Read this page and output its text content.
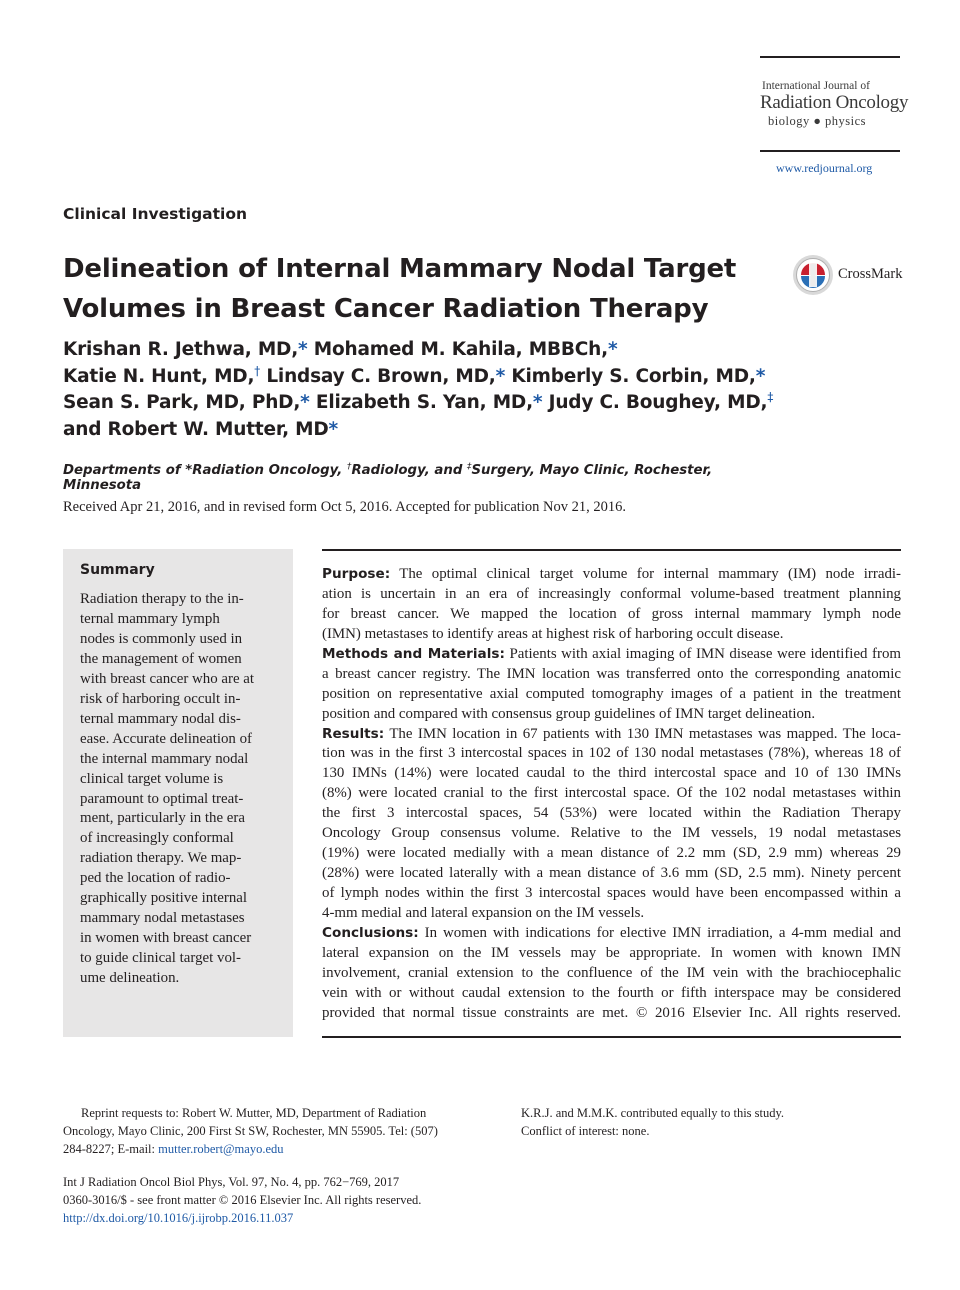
International Journal of
Radiation Oncology
biology ● physics
www.redjournal.org
Clinical Investigation
Delineation of Internal Mammary Nodal Target
Volumes in Breast Cancer Radiation Therapy
CrossMark
Krishan R. Jethwa, MD,* Mohamed M. Kahila, MBBCh,*
Katie N. Hunt, MD,† Lindsay C. Brown, MD,* Kimberly S. Corbin, MD,*
Sean S. Park, MD, PhD,* Elizabeth S. Yan, MD,* Judy C. Boughey, MD,‡
and Robert W. Mutter, MD*
Departments of *Radiation Oncology, †Radiology, and ‡Surgery, Mayo Clinic, Rochester, Minnesota
Received Apr 21, 2016, and in revised form Oct 5, 2016. Accepted for publication Nov 21, 2016.
Summary
Radiation therapy to the in-
ternal mammary lymph
nodes is commonly used in
the management of women
with breast cancer who are at
risk of harboring occult in-
ternal mammary nodal dis-
ease. Accurate delineation of
the internal mammary nodal
clinical target volume is
paramount to optimal treat-
ment, particularly in the era
of increasingly conformal
radiation therapy. We map-
ped the location of radio-
graphically positive internal
mammary nodal metastases
in women with breast cancer
to guide clinical target vol-
ume delineation.
Purpose: The optimal clinical target volume for internal mammary (IM) node irradi-
ation is uncertain in an era of increasingly conformal volume-based treatment planning
for breast cancer. We mapped the location of gross internal mammary lymph node
(IMN) metastases to identify areas at highest risk of harboring occult disease.
Methods and Materials: Patients with axial imaging of IMN disease were identified from
a breast cancer registry. The IMN location was transferred onto the corresponding anatomic
position on representative axial computed tomography images of a patient in the treatment
position and compared with consensus group guidelines of IMN target delineation.
Results: The IMN location in 67 patients with 130 IMN metastases was mapped. The loca-
tion was in the first 3 intercostal spaces in 102 of 130 nodal metastases (78%), whereas 18 of
130 IMNs (14%) were located caudal to the third intercostal space and 10 of 130 IMNs
(8%) were located cranial to the first intercostal space. Of the 102 nodal metastases within
the first 3 intercostal spaces, 54 (53%) were located within the Radiation Therapy
Oncology Group consensus volume. Relative to the IM vessels, 19 nodal metastases
(19%) were located medially with a mean distance of 2.2 mm (SD, 2.9 mm) whereas 29
(28%) were located laterally with a mean distance of 3.6 mm (SD, 2.5 mm). Ninety percent
of lymph nodes within the first 3 intercostal spaces would have been encompassed within a
4-mm medial and lateral expansion on the IM vessels.
Conclusions: In women with indications for elective IMN irradiation, a 4-mm medial and
lateral expansion on the IM vessels may be appropriate. In women with known IMN
involvement, cranial extension to the confluence of the IM vein with the brachiocephalic
vein with or without caudal extension to the fourth or fifth interspace may be considered
provided that normal tissue constraints are met. © 2016 Elsevier Inc. All rights reserved.
Reprint requests to: Robert W. Mutter, MD, Department of Radiation
Oncology, Mayo Clinic, 200 First St SW, Rochester, MN 55905. Tel: (507)
284-8227; E-mail: mutter.robert@mayo.edu
K.R.J. and M.M.K. contributed equally to this study.
Conflict of interest: none.
Int J Radiation Oncol Biol Phys, Vol. 97, No. 4, pp. 762−769, 2017
0360-3016/$ - see front matter © 2016 Elsevier Inc. All rights reserved.
http://dx.doi.org/10.1016/j.ijrobp.2016.11.037
